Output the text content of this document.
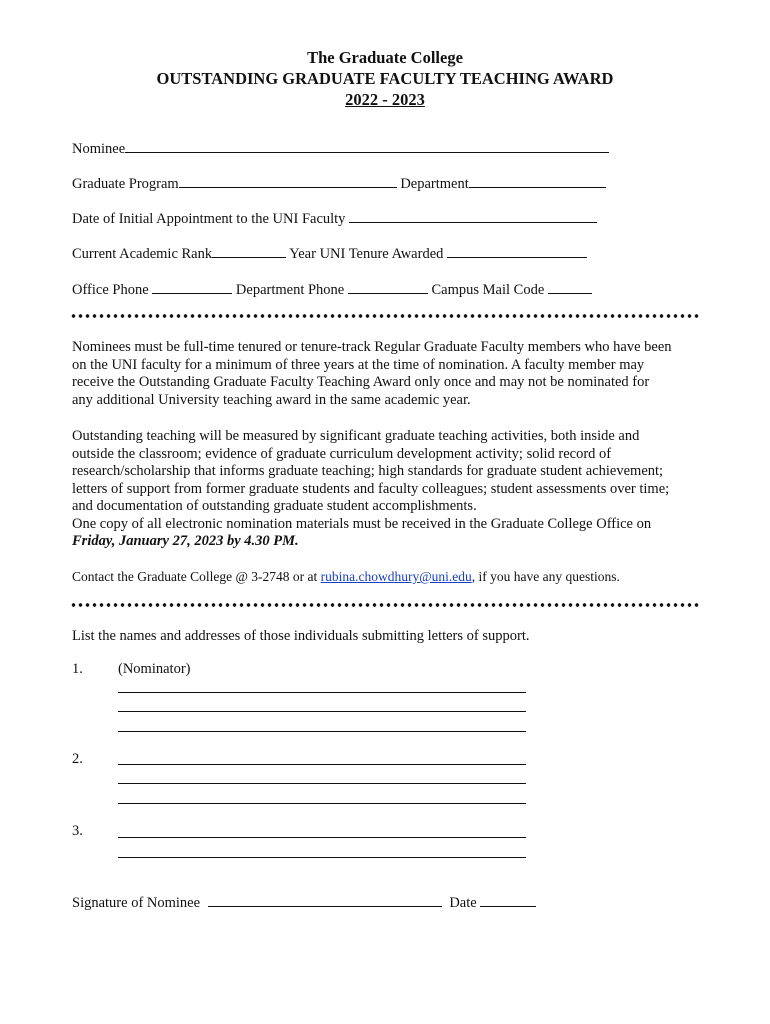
The Graduate College
OUTSTANDING GRADUATE FACULTY TEACHING AWARD
2022 - 2023
Nominee
Graduate Program	Department
Date of Initial Appointment to the UNI Faculty
Current Academic Rank	Year UNI Tenure Awarded
Office Phone	Department Phone	Campus Mail Code
Nominees must be full-time tenured or tenure-track Regular Graduate Faculty members who have been
on the UNI faculty for a minimum of three years at the time of nomination. A faculty member may
receive the Outstanding Graduate Faculty Teaching Award only once and may not be nominated for
any additional University teaching award in the same academic year.
Outstanding teaching will be measured by significant graduate teaching activities, both inside and
outside the classroom; evidence of graduate curriculum development activity; solid record of
research/scholarship that informs graduate teaching; high standards for graduate student achievement;
letters of support from former graduate students and faculty colleagues; student assessments over time;
and documentation of outstanding graduate student accomplishments.
One copy of all electronic nomination materials must be received in the Graduate College Office on
Friday, January 27, 2023 by 4.30 PM.
Contact the Graduate College @ 3-2748 or at rubina.chowdhury@uni.edu, if you have any questions.
List the names and addresses of those individuals submitting letters of support.
1. (Nominator)
2.
3.
Signature of Nominee	Date
